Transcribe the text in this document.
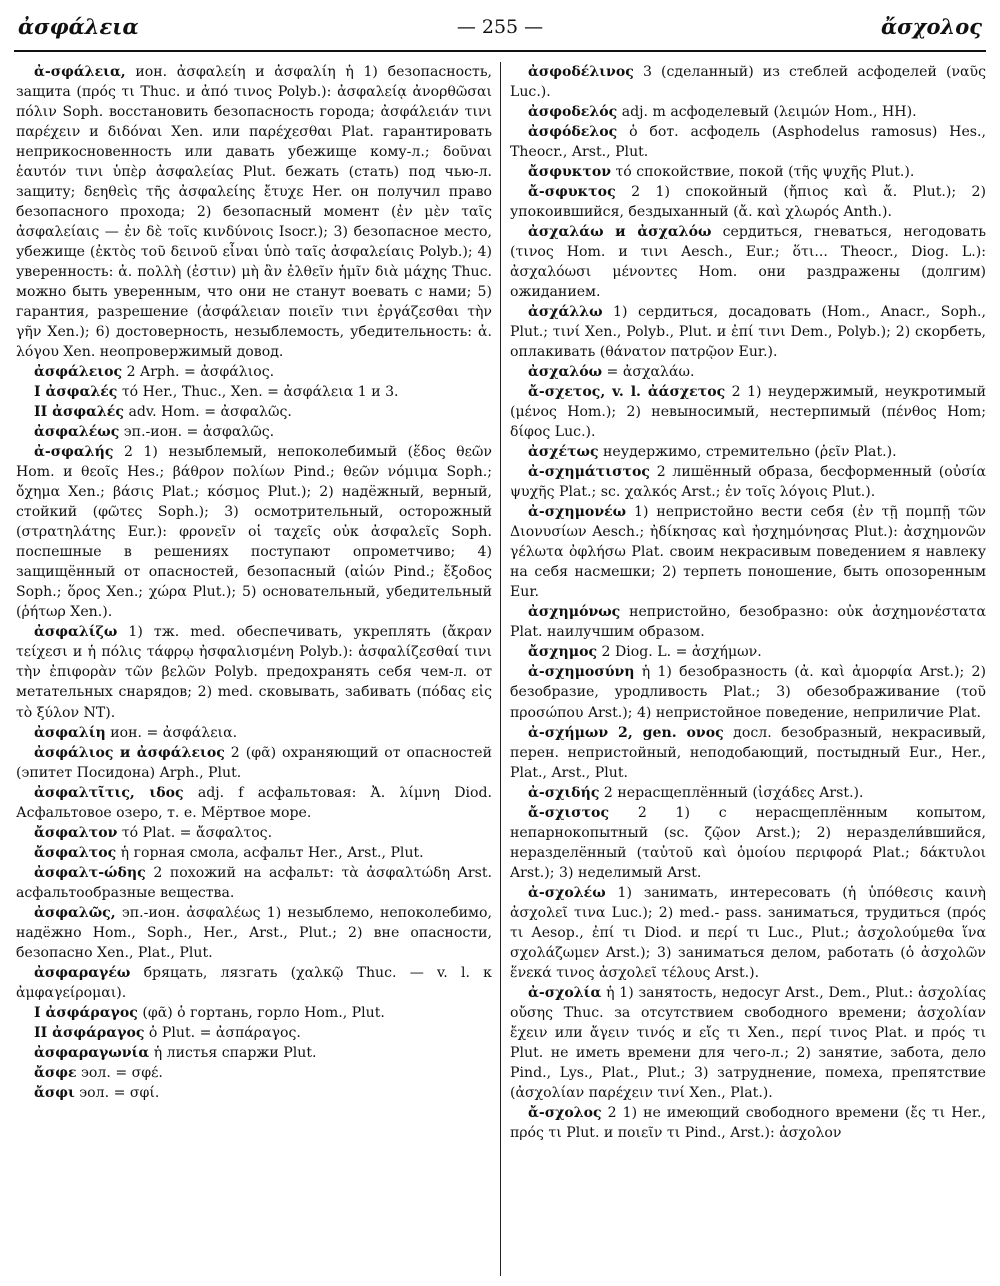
ἀσφάλεια	— 255 —	ἄσχολος

ἀ-σφάλεια, ион. ἀσφαλείη и ἀσφαλίη ἡ 1) безопасность, защита (πρός τι Thuc. и ἀπό τινος Polyb.): ἀσφαλείᾳ ἀνορθῶσαι πόλιν Soph. восстановить безопасность города; ἀσφάλειάν τινι παρέχειν и διδόναι Xen. или παρέχεσθαι Plat. гарантировать неприкосновенность или давать убежище кому-л.; δοῦναι ἑαυτόν τινι ὑπὲρ ἀσφαλείας Plut. бежать (стать) под чью-л. защиту; δεηθεὶς τῆς ἀσφαλείης ἔτυχε Her. он получил право безопасного прохода; 2) безопасный момент (ἐν μὲν ταῖς ἀσφαλείαις — ἐν δὲ τοῖς κινδύνοις Isocr.); 3) безопасное место, убежище (ἐκτὸς τοῦ δεινοῦ εἶναι ὑπὸ ταῖς ἀσφαλείαις Polyb.); 4) уверенность: ἀ. πολλὴ (ἐστιν) μὴ ἂν ἐλθεῖν ἡμῖν διὰ μάχης Thuc. можно быть уверенным, что они не станут воевать с нами; 5) гарантия, разрешение (ἀσφάλειαν ποιεῖν τινι ἐργάζεσθαι τὴν γῆν Xen.); 6) достоверность, незыблемость, убедительность: ἀ. λόγου Xen. неопровержимый довод.

ἀσφάλειος 2 Arph. = ἀσφάλιος.

I ἀσφαλές τό Her., Thuc., Xen. = ἀσφάλεια 1 и 3.

II ἀσφαλές adv. Hom. = ἀσφαλῶς.

ἀσφαλέως эп.-ион. = ἀσφαλῶς.

ἀ-σφαλής 2 1) незыблемый, непоколебимый (ἕδος θεῶν Hom. и θεοῖς Hes.; βάθρον πολίων Pind.; θεῶν νόμιμα Soph.; ὄχημα Xen.; βάσις Plat.; κόσμος Plut.); 2) надёжный, верный, стойкий (φῶτες Soph.); 3) осмотрительный, осторожный (στρατηλάτης Eur.): φρονεῖν οἱ ταχεῖς οὐκ ἀσφαλεῖς Soph. поспешные в решениях поступают опрометчиво; 4) защищённый от опасностей, безопасный (αἰών Pind.; ἔξοδος Soph.; ὅρος Xen.; χώρα Plut.); 5) основательный, убедительный (ῥήτωρ Xen.).

ἀσφαλίζω 1) тж. med. обеспечивать, укреплять (ἄκραν τείχεσι и ἡ πόλις τάφρῳ ἠσφαλισμένη Polyb.): ἀσφαλίζεσθαί τινι τὴν ἐπιφορὰν τῶν βελῶν Polyb. предохранять себя чем-л. от метательных снарядов; 2) med. сковывать, забивать (πόδας εἰς τὸ ξύλον NT).

ἀσφαλίη ион. = ἀσφάλεια.

ἀσφάλιος и ἀσφάλειος 2 (φᾶ) охраняющий от опасностей (эпитет Посидона) Arph., Plut.

ἀσφαλτῖτις, ιδος adj. f асфальтовая: Ἀ. λίμνη Diod. Асфальтовое озеро, т. е. Мёртвое море.

ἄσφαλτον τό Plat. = ἄσφαλτος.

ἄσφαλτος ἡ горная смола, асфальт Her., Arst., Plut.

ἀσφαλτ-ώδης 2 похожий на асфальт: τὰ ἀσφαλτώδη Arst. асфальтообразные вещества.

ἀσφαλῶς, эп.-ион. ἀσφαλέως 1) незыблемо, непоколебимо, надёжно Hom., Soph., Her., Arst., Plut.; 2) вне опасности, безопасно Xen., Plat., Plut.

ἀσφαραγέω бряцать, лязгать (χαλκῷ Thuc. — v. l. к ἀμφαγείρομαι).

I ἀσφάραγος (φᾶ) ὁ гортань, горло Hom., Plut.

II ἀσφάραγος ὁ Plut. = ἀσπάραγος.

ἀσφαραγωνία ἡ листья спаржи Plut.

ἄσφε эол. = σφέ.

ἄσφι эол. = σφί.

ἀσφοδέλινος 3 (сделанный) из стеблей асфоделей (ναῦς Luc.).

ἀσφοδελός adj. m асфоделевый (λειμών Hom., HH).

ἀσφόδελος ὁ бот. асфодель (Asphodelus ramosus) Hes., Theocr., Arst., Plut.

ἄσφυκτον τό спокойствие, покой (τῆς ψυχῆς Plut.).

ἄ-σφυκτος 2 1) спокойный (ἤπιος καὶ ἄ. Plut.); 2) упокоившийся, бездыханный (ἄ. καὶ χλωρός Anth.).

ἀσχαλάω и ἀσχαλόω сердиться, гневаться, негодовать (τινος Hom. и τινι Aesch., Eur.; ὅτι... Theocr., Diog. L.): ἀσχαλόωσι μένοντες Hom. они раздражены (долгим) ожиданием.

ἀσχάλλω 1) сердиться, досадовать (Hom., Anacr., Soph., Plut.; τινί Xen., Polyb., Plut. и ἐπί τινι Dem., Polyb.); 2) скорбеть, оплакивать (θάνατον πατρῷον Eur.).

ἀσχαλόω = ἀσχαλάω.

ἄ-σχετος, v. l. ἀάσχετος 2 1) неудержимый, неукротимый (μένος Hom.); 2) невыносимый, нестерпимый (πένθος Hom; δίφος Luc.).

ἀσχέτως неудержимо, стремительно (ῥεῖν Plat.).

ἀ-σχημάτιστος 2 лишённый образа, бесформенный (οὐσία ψυχῆς Plat.; sc. χαλκός Arst.; ἐν τοῖς λόγοις Plut.).

ἀ-σχημονέω 1) непристойно вести себя (ἐν τῇ πομπῇ τῶν Διονυσίων Aesch.; ἠδίκησας καὶ ἠσχημόνησας Plut.): ἀσχημονῶν γέλωτα ὀφλήσω Plat. своим некрасивым поведением я навлеку на себя насмешки; 2) терпеть поношение, быть опозоренным Eur.

ἀσχημόνως непристойно, безобразно: οὐκ ἀσχημονέστατα Plat. наилучшим образом.

ἄσχημος 2 Diog. L. = ἀσχήμων.

ἀ-σχημοσύνη ἡ 1) безобразность (ἀ. καὶ ἀμορφία Arst.); 2) безобразие, уродливость Plat.; 3) обезображивание (τοῦ προσώπου Arst.); 4) непристойное поведение, неприличие Plat.

ἀ-σχήμων 2, gen. ονος досл. безобразный, некрасивый, перен. непристойный, неподобающий, постыдный Eur., Her., Plat., Arst., Plut.

ἀ-σχιδής 2 нерасщеплённый (ἰσχάδες Arst.).

ἄ-σχιστος 2 1) с нерасщеплённым копытом, непарнокопытный (sc. ζῷον Arst.); 2) нераздели́вшийся, неразделённый (ταὐτοῦ καὶ ὁμοίου περιφορά Plat.; δάκτυλοι Arst.); 3) неделимый Arst.

ἀ-σχολέω 1) занимать, интересовать (ἡ ὑπόθεσις καινὴ ἀσχολεῖ τινα Luc.); 2) med.- pass. заниматься, трудиться (πρός τι Aesop., ἐπί τι Diod. и περί τι Luc., Plut.; ἀσχολούμεθα ἵνα σχολάζωμεν Arst.); 3) заниматься делом, работать (ὁ ἀσχολῶν ἕνεκά τινος ἀσχολεῖ τέλους Arst.).

ἀ-σχολία ἡ 1) занятость, недосуг Arst., Dem., Plut.: ἀσχολίας οὔσης Thuc. за отсутствием свободного времени; ἀσχολίαν ἔχειν или ἄγειν τινός и εἴς τι Xen., περί τινος Plat. и πρός τι Plut. не иметь времени для чего-л.; 2) занятие, забота, дело Pind., Lys., Plat., Plut.; 3) затруднение, помеха, препятствие (ἀσχολίαν παρέχειν τινί Xen., Plat.).

ἄ-σχολος 2 1) не имеющий свободного времени (ἔς τι Her., πρός τι Plut. и ποιεῖν τι Pind., Arst.): ἀσχολον
